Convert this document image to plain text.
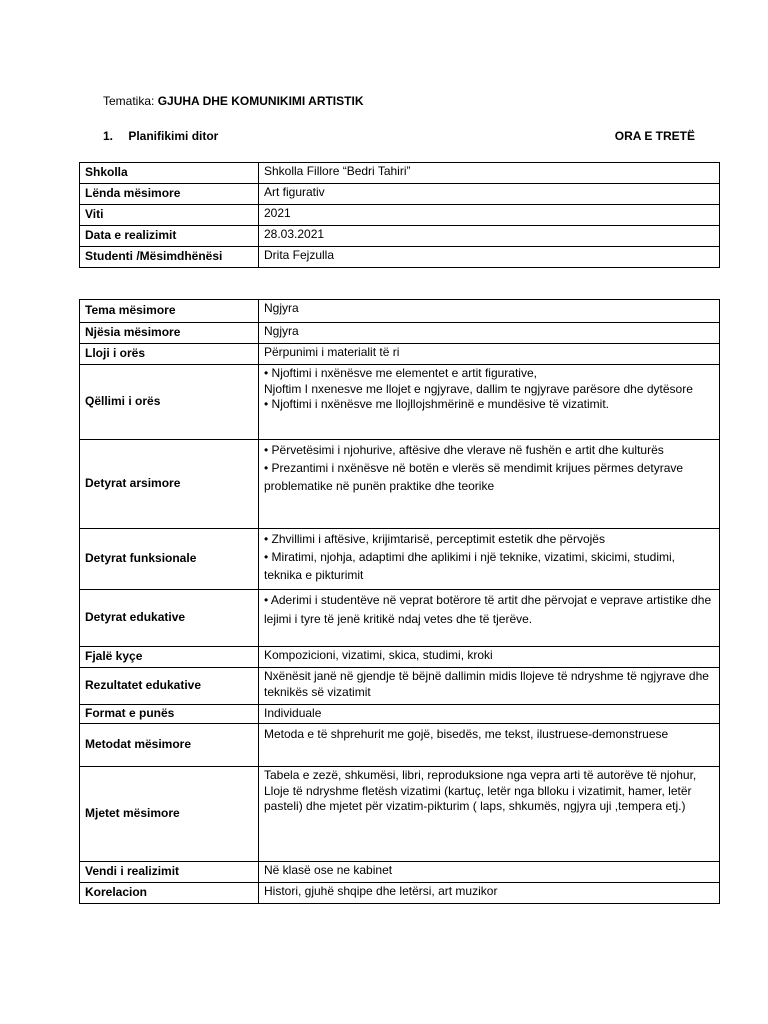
Tematika: GJUHA DHE KOMUNIKIMI ARTISTIK
1. Planifikimi ditor	ORA E TRETË
Shkolla	Shkolla Fillore “Bedri Tahiri”
Lënda mësimore	Art figurativ
Viti	2021
Data e realizimit	28.03.2021
Studenti /Mësimdhënësi	Drita Fejzulla
Tema mësimore	Ngjyra
Njësia mësimore	Ngjyra
Lloji i orës	Përpunimi i materialit të ri
Qëllimi i orës	• Njoftimi i nxënësve me elementet e artit figurative,
Njoftim I nxenesve me llojet e ngjyrave, dallim te ngjyrave parësore dhe dytësore
• Njoftimi i nxënësve me llojllojshmërinë e mundësive të vizatimit.

Detyrat arsimore	• Përvetësimi i njohurive, aftësive dhe vlerave në fushën e artit dhe kulturës
• Prezantimi i nxënësve në botën e vlerës së mendimit krijues përmes detyrave problematike në punën praktike dhe teorike

Detyrat funksionale	• Zhvillimi i aftësive, krijimtarisë, perceptimit estetik dhe përvojës
• Miratimi, njohja, adaptimi dhe aplikimi i një teknike, vizatimi, skicimi, studimi, teknika e pikturimit

Detyrat edukative	• Aderimi i studentëve në veprat botërore të artit dhe përvojat e veprave artistike dhe lejimi i tyre të jenë kritikë ndaj vetes dhe të tjerëve.
Fjalë kyçe	Kompozicioni, vizatimi, skica, studimi, kroki
Rezultatet edukative	Nxënësit janë në gjendje të bëjnë dallimin midis llojeve të ndryshme të ngjyrave dhe teknikës së vizatimit
Format e punës	Individuale
Metodat mësimore	Metoda e të shprehurit me gojë, bisedës, me tekst, ilustruese-demonstruese
Mjetet mësimore	Tabela e zezë, shkumësi, libri, reproduksione nga vepra arti të autorëve të njohur,
Lloje të ndryshme fletësh vizatimi (kartuç, letër nga blloku i vizatimit, hamer, letër pasteli) dhe mjetet për vizatim-pikturim ( laps, shkumës, ngjyra uji ,tempera etj.)

Vendi i realizimit	Në klasë ose ne kabinet
Korelacion	Histori, gjuhë shqipe dhe letërsi, art muzikor
